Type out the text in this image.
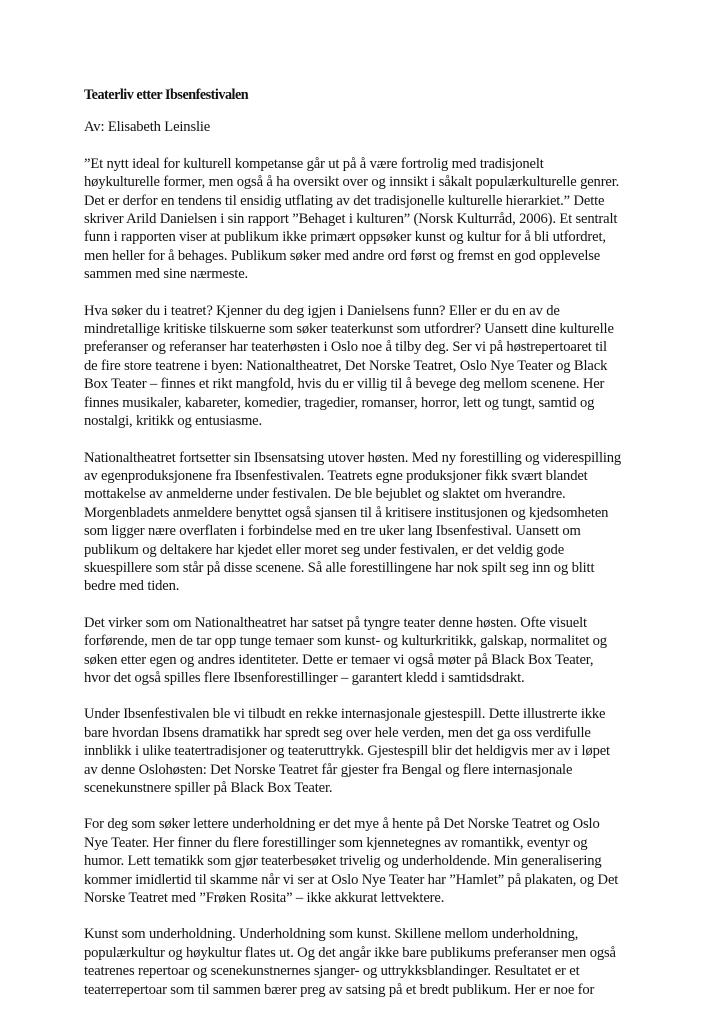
Teaterliv etter Ibsenfestivalen
Av: Elisabeth Leinslie
”Et nytt ideal for kulturell kompetanse går ut på å være fortrolig med tradisjonelt
høykulturelle former, men også å ha oversikt over og innsikt i såkalt populærkulturelle genrer.
Det er derfor en tendens til ensidig utflating av det tradisjonelle kulturelle hierarkiet.” Dette
skriver Arild Danielsen i sin rapport ”Behaget i kulturen” (Norsk Kulturråd, 2006). Et sentralt
funn i rapporten viser at publikum ikke primært oppsøker kunst og kultur for å bli utfordret,
men heller for å behages. Publikum søker med andre ord først og fremst en god opplevelse
sammen med sine nærmeste.
Hva søker du i teatret? Kjenner du deg igjen i Danielsens funn? Eller er du en av de
mindretallige kritiske tilskuerne som søker teaterkunst som utfordrer? Uansett dine kulturelle
preferanser og referanser har teaterhøsten i Oslo noe å tilby deg. Ser vi på høstrepertoaret til
de fire store teatrene i byen: Nationaltheatret, Det Norske Teatret, Oslo Nye Teater og Black
Box Teater – finnes et rikt mangfold, hvis du er villig til å bevege deg mellom scenene. Her
finnes musikaler, kabareter, komedier, tragedier, romanser, horror, lett og tungt, samtid og
nostalgi, kritikk og entusiasme.
Nationaltheatret fortsetter sin Ibsensatsing utover høsten. Med ny forestilling og viderespilling
av egenproduksjonene fra Ibsenfestivalen. Teatrets egne produksjoner fikk svært blandet
mottakelse av anmelderne under festivalen. De ble bejublet og slaktet om hverandre.
Morgenbladets anmeldere benyttet også sjansen til å kritisere institusjonen og kjedsomheten
som ligger nære overflaten i forbindelse med en tre uker lang Ibsenfestival. Uansett om
publikum og deltakere har kjedet eller moret seg under festivalen, er det veldig gode
skuespillere som står på disse scenene. Så alle forestillingene har nok spilt seg inn og blitt
bedre med tiden.
Det virker som om Nationaltheatret har satset på tyngre teater denne høsten. Ofte visuelt
forførende, men de tar opp tunge temaer som kunst- og kulturkritikk, galskap, normalitet og
søken etter egen og andres identiteter. Dette er temaer vi også møter på Black Box Teater,
hvor det også spilles flere Ibsenforestillinger – garantert kledd i samtidsdrakt.
Under Ibsenfestivalen ble vi tilbudt en rekke internasjonale gjestespill. Dette illustrerte ikke
bare hvordan Ibsens dramatikk har spredt seg over hele verden, men det ga oss verdifulle
innblikk i ulike teatertradisjoner og teateruttrykk. Gjestespill blir det heldigvis mer av i løpet
av denne Oslohøsten: Det Norske Teatret får gjester fra Bengal og flere internasjonale
scenekunstnere spiller på Black Box Teater.
For deg som søker lettere underholdning er det mye å hente på Det Norske Teatret og Oslo
Nye Teater. Her finner du flere forestillinger som kjennetegnes av romantikk, eventyr og
humor. Lett tematikk som gjør teaterbesøket trivelig og underholdende. Min generalisering
kommer imidlertid til skamme når vi ser at Oslo Nye Teater har ”Hamlet” på plakaten, og Det
Norske Teatret med ”Frøken Rosita” – ikke akkurat lettvektere.
Kunst som underholdning. Underholdning som kunst. Skillene mellom underholdning,
populærkultur og høykultur flates ut. Og det angår ikke bare publikums preferanser men også
teatrenes repertoar og scenekunstnernes sjanger- og uttrykksblandinger. Resultatet er et
teaterrepertoar som til sammen bærer preg av satsing på et bredt publikum. Her er noe for
